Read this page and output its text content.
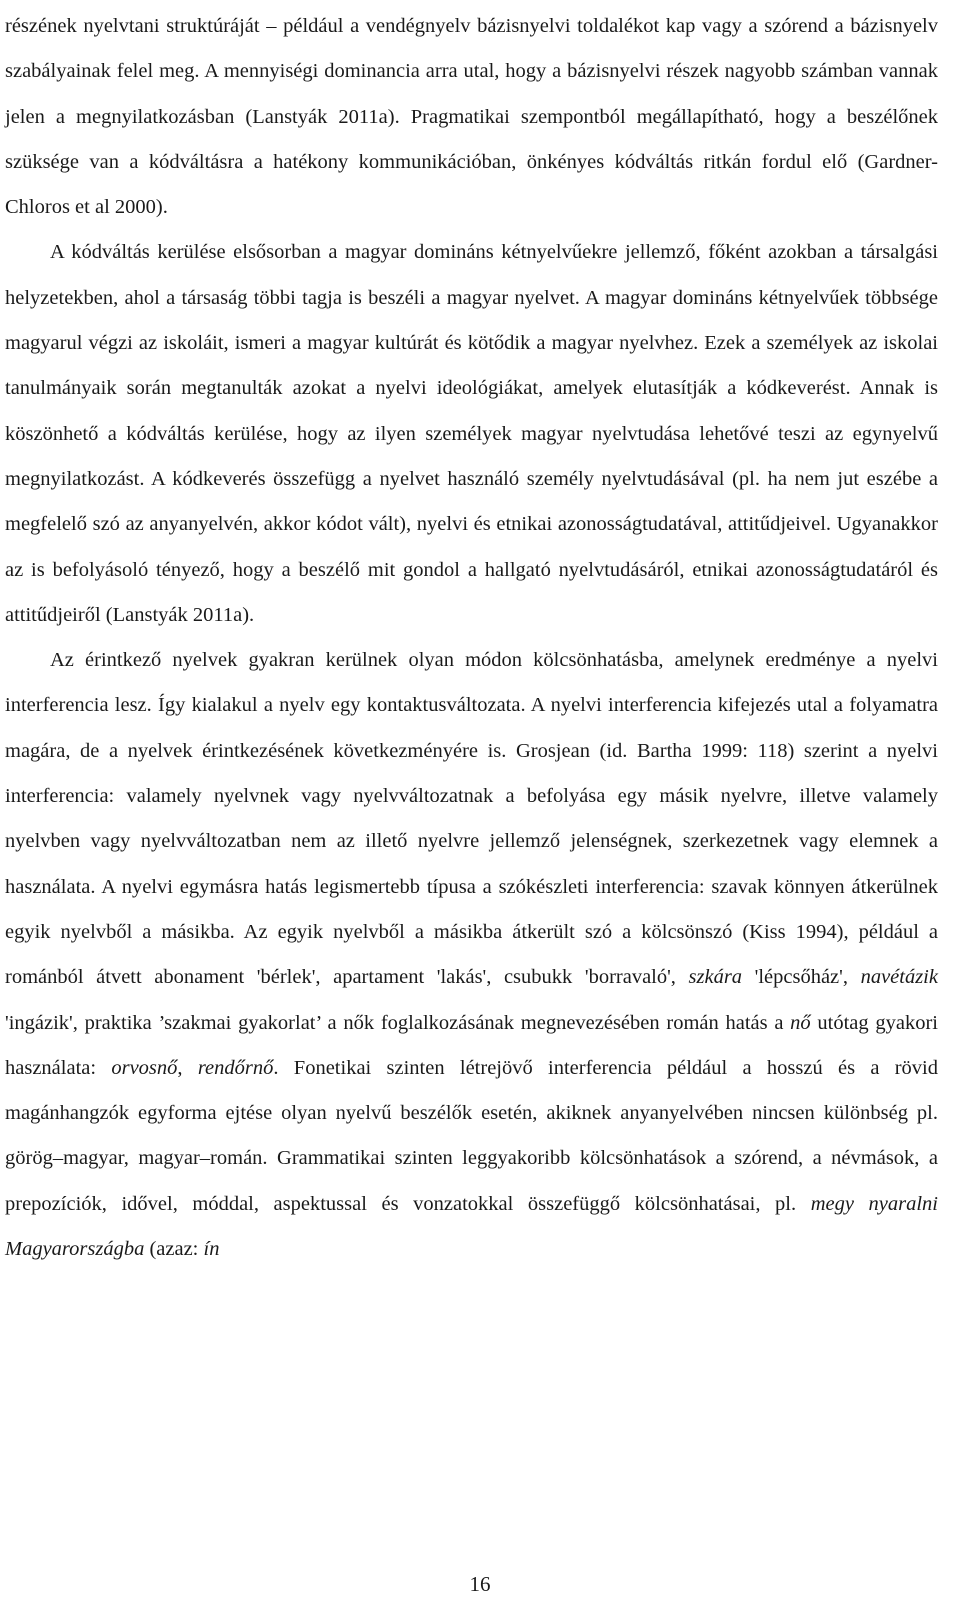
részének nyelvtani struktúráját – például a vendégnyelv bázisnyelvi toldalékot kap vagy a szórend a bázisnyelv szabályainak felel meg. A mennyiségi dominancia arra utal, hogy a bázisnyelvi részek nagyobb számban vannak jelen a megnyilatkozásban (Lanstyák 2011a). Pragmatikai szempontból megállapítható, hogy a beszélőnek szüksége van a kódváltásra a hatékony kommunikációban, önkényes kódváltás ritkán fordul elő (Gardner-Chloros et al 2000).

A kódváltás kerülése elsősorban a magyar domináns kétnyelvűekre jellemző, főként azokban a társalgási helyzetekben, ahol a társaság többi tagja is beszéli a magyar nyelvet. A magyar domináns kétnyelvűek többsége magyarul végzi az iskoláit, ismeri a magyar kultúrát és kötődik a magyar nyelvhez. Ezek a személyek az iskolai tanulmányaik során megtanulták azokat a nyelvi ideológiákat, amelyek elutasítják a kódkeverést. Annak is köszönhető a kódváltás kerülése, hogy az ilyen személyek magyar nyelvtudása lehetővé teszi az egynyelvű megnyilatkozást. A kódkeverés összefügg a nyelvet használó személy nyelvtudásával (pl. ha nem jut eszébe a megfelelő szó az anyanyelvén, akkor kódot vált), nyelvi és etnikai azonosságtudatával, attitűdjeivel. Ugyanakkor az is befolyásoló tényező, hogy a beszélő mit gondol a hallgató nyelvtudásáról, etnikai azonosságtudatáról és attitűdjeiről (Lanstyák 2011a).

Az érintkező nyelvek gyakran kerülnek olyan módon kölcsönhatásba, amelynek eredménye a nyelvi interferencia lesz. Így kialakul a nyelv egy kontaktusváltozata. A nyelvi interferencia kifejezés utal a folyamatra magára, de a nyelvek érintkezésének következményére is. Grosjean (id. Bartha 1999: 118) szerint a nyelvi interferencia: valamely nyelvnek vagy nyelvváltozatnak a befolyása egy másik nyelvre, illetve valamely nyelvben vagy nyelvváltozatban nem az illető nyelvre jellemző jelenségnek, szerkezetnek vagy elemnek a használata. A nyelvi egymásra hatás legismertebb típusa a szókészleti interferencia: szavak könnyen átkerülnek egyik nyelvből a másikba. Az egyik nyelvből a másikba átkerült szó a kölcsönszó (Kiss 1994), például a románból átvett abonament 'bérlek', apartament 'lakás', csubukk 'borravaló', szkára 'lépcsőház', navétázik 'ingázik', praktika ’szakmai gyakorlat’ a nők foglalkozásának megnevezésében román hatás a nő utótag gyakori használata: orvosnő, rendőrnő. Fonetikai szinten létrejövő interferencia például a hosszú és a rövid magánhangzók egyforma ejtése olyan nyelvű beszélők esetén, akiknek anyanyelvében nincsen különbség pl. görög–magyar, magyar–román. Grammatikai szinten leggyakoribb kölcsönhatások a szórend, a névmások, a prepozíciók, idővel, móddal, aspektussal és vonzatokkal összefüggő kölcsönhatásai, pl. megy nyaralni Magyarországba (azaz: ín

16
